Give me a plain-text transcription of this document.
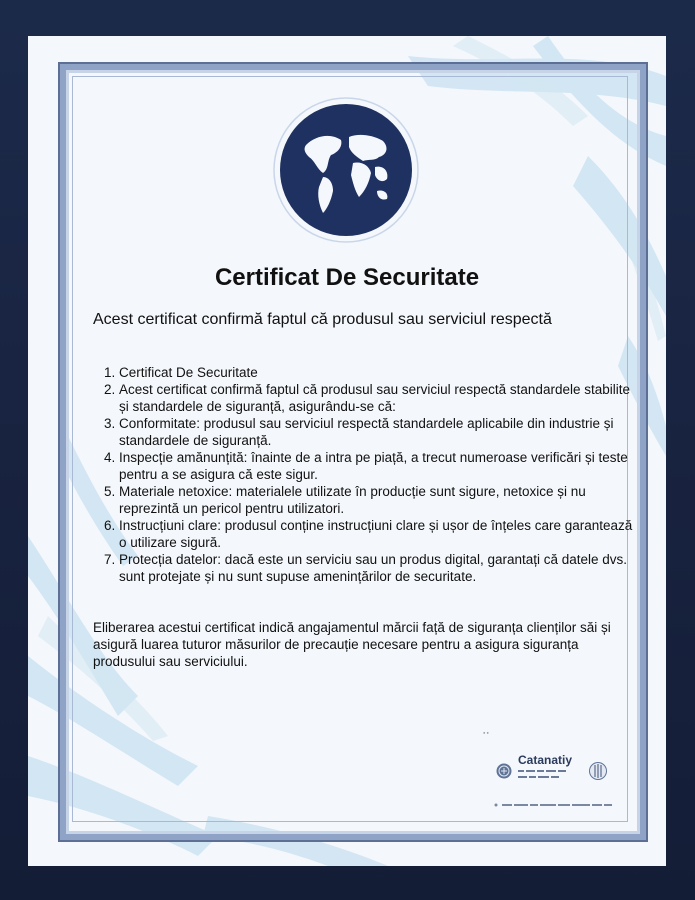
Certificat De Securitate
Acest certificat confirmă faptul că produsul sau serviciul respectă
1. Certificat De Securitate
2. Acest certificat confirmă faptul că produsul sau serviciul respectă standardele stabilite și standardele de siguranță, asigurându-se că:
3. Conformitate: produsul sau serviciul respectă standardele aplicabile din industrie și standardele de siguranță.
4. Inspecție amănunțită: înainte de a intra pe piață, a trecut numeroase verificări și teste pentru a se asigura că este sigur.
5. Materiale netoxice: materialele utilizate în producție sunt sigure, netoxice și nu reprezintă un pericol pentru utilizatori.
6. Instrucțiuni clare: produsul conține instrucțiuni clare și ușor de înțeles care garantează o utilizare sigură.
7. Protecția datelor: dacă este un serviciu sau un produs digital, garantați că datele dvs. sunt protejate și nu sunt supuse amenințărilor de securitate.
Eliberarea acestui certificat indică angajamentul mărcii față de siguranța clienților săi și asigură luarea tuturor măsurilor de precauție necesare pentru a asigura siguranța produsului sau serviciului.
● ●
Catanatiy
